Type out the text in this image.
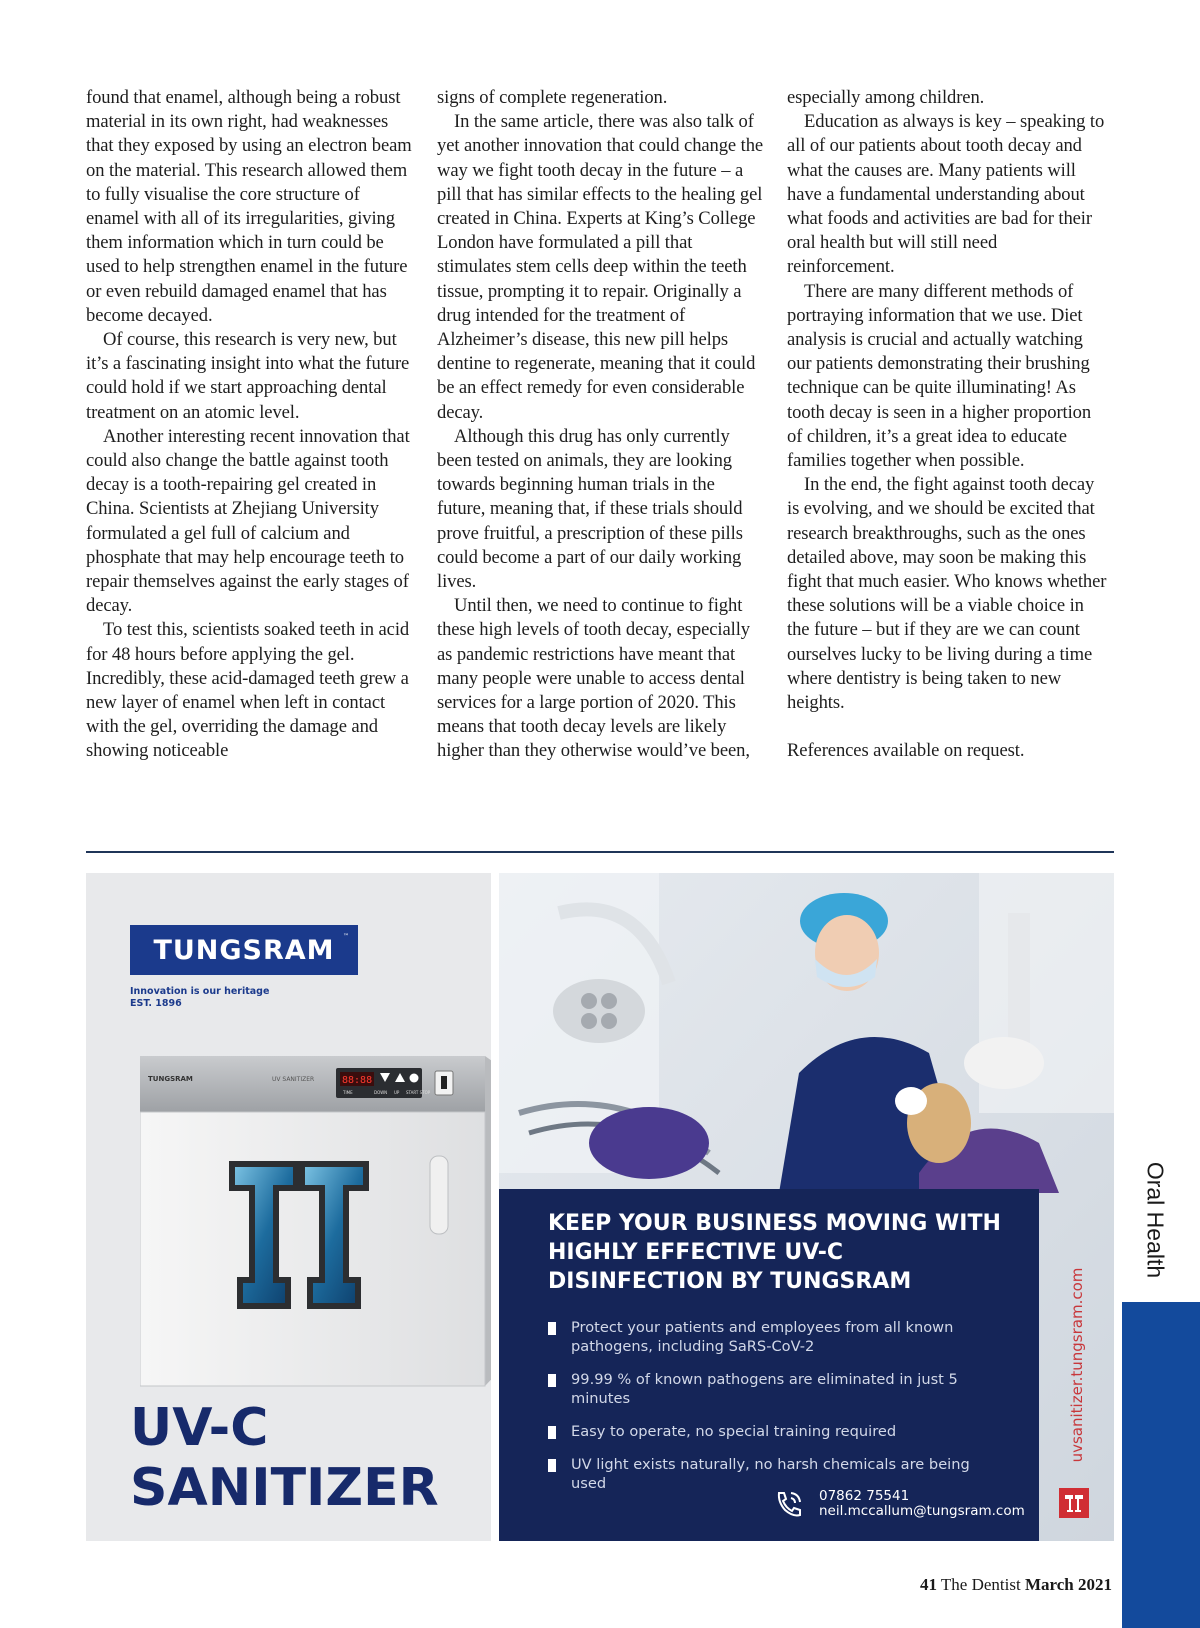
found that enamel, although being a robust material in its own right, had weaknesses that they exposed by using an electron beam on the material. This research allowed them to fully visualise the core structure of enamel with all of its irregularities, giving them information which in turn could be used to help strengthen enamel in the future or even rebuild damaged enamel that has become decayed.

Of course, this research is very new, but it’s a fascinating insight into what the future could hold if we start approaching dental treatment on an atomic level.

Another interesting recent innovation that could also change the battle against tooth decay is a tooth-repairing gel created in China. Scientists at Zhejiang University formulated a gel full of calcium and phosphate that may help encourage teeth to repair themselves against the early stages of decay.

To test this, scientists soaked teeth in acid for 48 hours before applying the gel. Incredibly, these acid-damaged teeth grew a new layer of enamel when left in contact with the gel, overriding the damage and showing noticeable

signs of complete regeneration.

In the same article, there was also talk of yet another innovation that could change the way we fight tooth decay in the future – a pill that has similar effects to the healing gel created in China. Experts at King’s College London have formulated a pill that stimulates stem cells deep within the teeth tissue, prompting it to repair. Originally a drug intended for the treatment of Alzheimer’s disease, this new pill helps dentine to regenerate, meaning that it could be an effect remedy for even considerable decay.

Although this drug has only currently been tested on animals, they are looking towards beginning human trials in the future, meaning that, if these trials should prove fruitful, a prescription of these pills could become a part of our daily working lives.

Until then, we need to continue to fight these high levels of tooth decay, especially as pandemic restrictions have meant that many people were unable to access dental services for a large portion of 2020. This means that tooth decay levels are likely higher than they otherwise would’ve been,

especially among children.

Education as always is key – speaking to all of our patients about tooth decay and what the causes are. Many patients will have a fundamental understanding about what foods and activities are bad for their oral health but will still need reinforcement.

There are many different methods of portraying information that we use. Diet analysis is crucial and actually watching our patients demonstrating their brushing technique can be quite illuminating! As tooth decay is seen in a higher proportion of children, it’s a great idea to educate families together when possible.

In the end, the fight against tooth decay is evolving, and we should be excited that research breakthroughs, such as the ones detailed above, may soon be making this fight that much easier. Who knows whether these solutions will be a viable choice in the future – but if they are we can count ourselves lucky to be living during a time where dentistry is being taken to new heights.

References available on request.

TUNGSRAM ™
Innovation is our heritage
EST. 1896
TUNGSRAM	UV SANITIZER	88:88
TIME	DOWN UP START STOP
UV-C
SANITIZER
KEEP YOUR BUSINESS MOVING WITH HIGHLY EFFECTIVE UV-C DISINFECTION BY TUNGSRAM
Protect your patients and employees from all known pathogens, including SaRS-CoV-2
99.99 % of known pathogens are eliminated in just 5 minutes
Easy to operate, no special training required
UV light exists naturally, no harsh chemicals are being used
07862 75541
neil.mccallum@tungsram.com
uvsanitizer.tungsram.com
Oral Health
41 The Dentist March 2021
